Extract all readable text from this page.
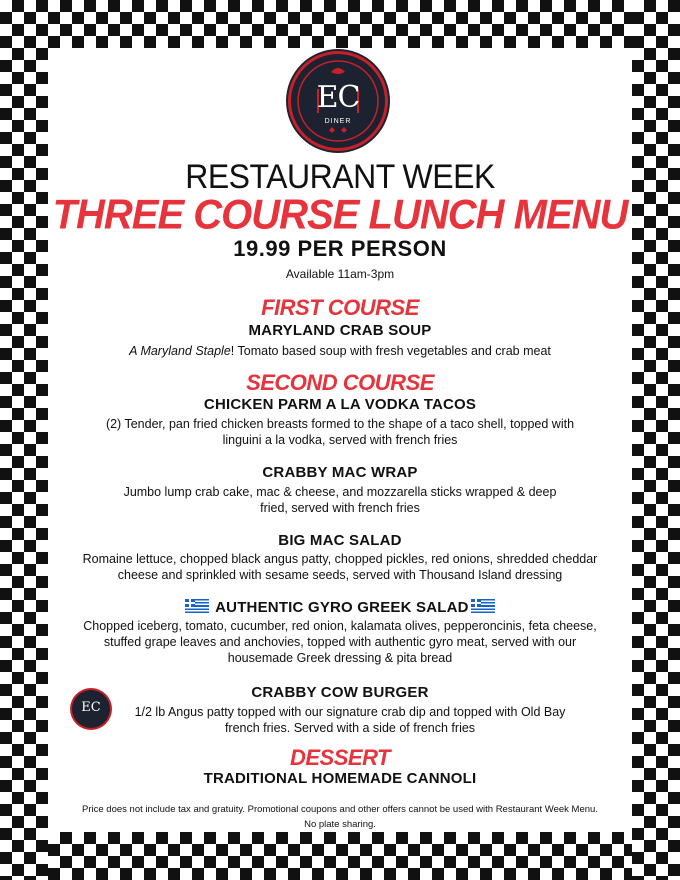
EC
DINER
RESTAURANT WEEK
THREE COURSE LUNCH MENU
19.99 PER PERSON
Available 11am-3pm
FIRST COURSE
MARYLAND CRAB SOUP
A Maryland Staple! Tomato based soup with fresh vegetables and crab meat
SECOND COURSE
CHICKEN PARM A LA VODKA TACOS
(2) Tender, pan fried chicken breasts formed to the shape of a taco shell, topped with linguini a la vodka, served with french fries
CRABBY MAC WRAP
Jumbo lump crab cake, mac & cheese, and mozzarella sticks wrapped & deep fried, served with french fries
BIG MAC SALAD
Romaine lettuce, chopped black angus patty, chopped pickles, red onions, shredded cheddar cheese and sprinkled with sesame seeds, served with Thousand Island dressing
AUTHENTIC GYRO GREEK SALAD
Chopped iceberg, tomato, cucumber, red onion, kalamata olives, pepperoncinis, feta cheese, stuffed grape leaves and anchovies, topped with authentic gyro meat, served with our housemade Greek dressing & pita bread
CRABBY COW BURGER
EC	1/2 lb Angus patty topped with our signature crab dip and topped with Old Bay french fries. Served with a side of french fries
DESSERT
TRADITIONAL HOMEMADE CANNOLI
Price does not include tax and gratuity. Promotional coupons and other offers cannot be used with Restaurant Week Menu. No plate sharing.
